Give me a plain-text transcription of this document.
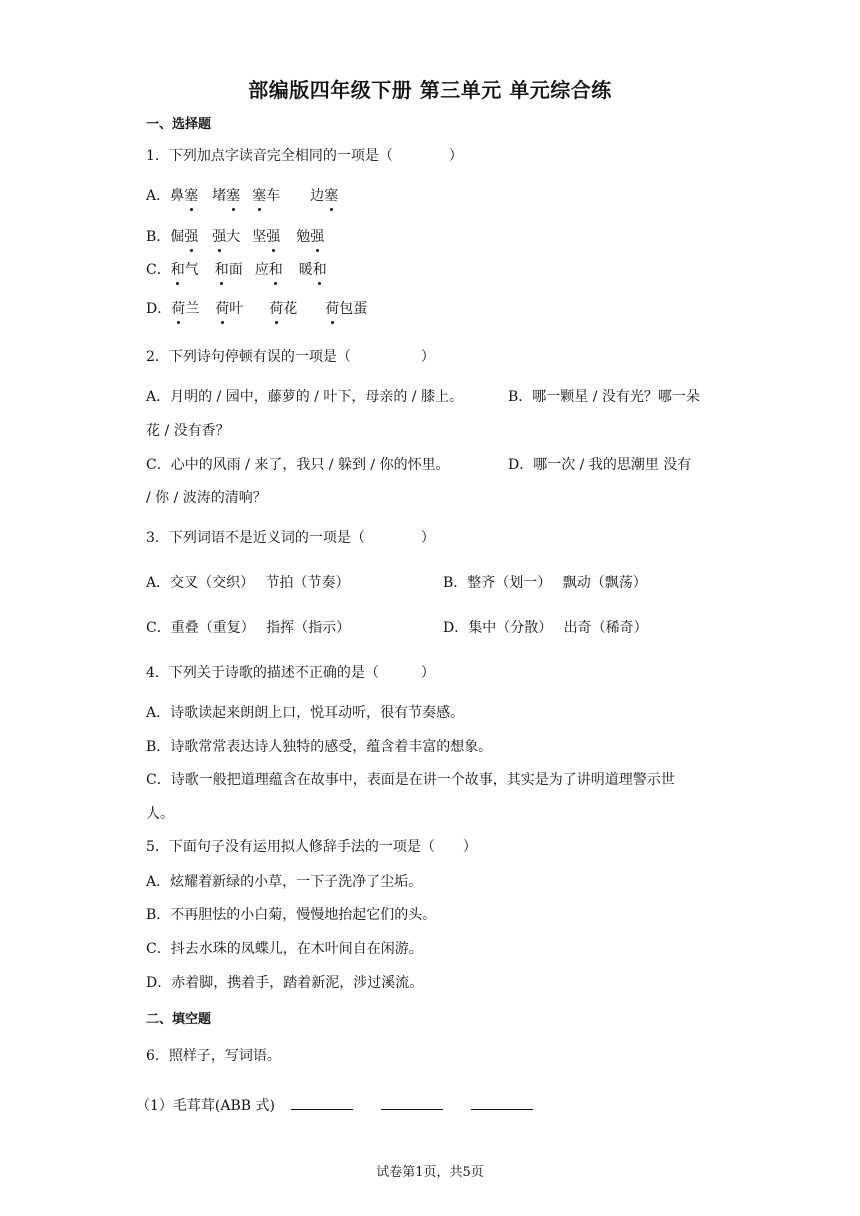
部编版四年级下册 第三单元 单元综合练
一、选择题
1．下列加点字读音完全相同的一项是（　　　　）
A．鼻塞 堵塞 塞车 边塞
B．倔强 强大 坚强 勉强
C．和气 和面 应和 暖和
D．荷兰 荷叶 荷花 荷包蛋
2．下列诗句停顿有误的一项是（　　　　　）
A．月明的 / 园中，藤萝的 / 叶下，母亲的 / 膝上。	B．哪一颗星 / 没有光？哪一朵
花 / 没有香？
C．心中的风雨 / 来了，我只 / 躲到 / 你的怀里。	D．哪一次 / 我的思潮里 没有
/ 你 / 波涛的清响？
3．下列词语不是近义词的一项是（　　　　）
A．交叉（交织）　 节拍（节奏）	B．整齐（划一）　 飘动（飘荡）
C．重叠（重复）　 指挥（指示）	D．集中（分散）　 出奇（稀奇）
4．下列关于诗歌的描述不正确的是（　　　）
A．诗歌读起来朗朗上口，悦耳动听，很有节奏感。
B．诗歌常常表达诗人独特的感受，蕴含着丰富的想象。
C．诗歌一般把道理蕴含在故事中，表面是在讲一个故事，其实是为了讲明道理警示世
人。
5．下面句子没有运用拟人修辞手法的一项是（　　）
A．炫耀着新绿的小草，一下子洗净了尘垢。
B．不再胆怯的小白菊，慢慢地抬起它们的头。
C．抖去水珠的凤蝶儿，在木叶间自在闲游。
D．赤着脚，携着手，踏着新泥，涉过溪流。
二、填空题
6．照样子，写词语。
（1）毛茸茸(ABB 式)
试卷第1页，共5页
